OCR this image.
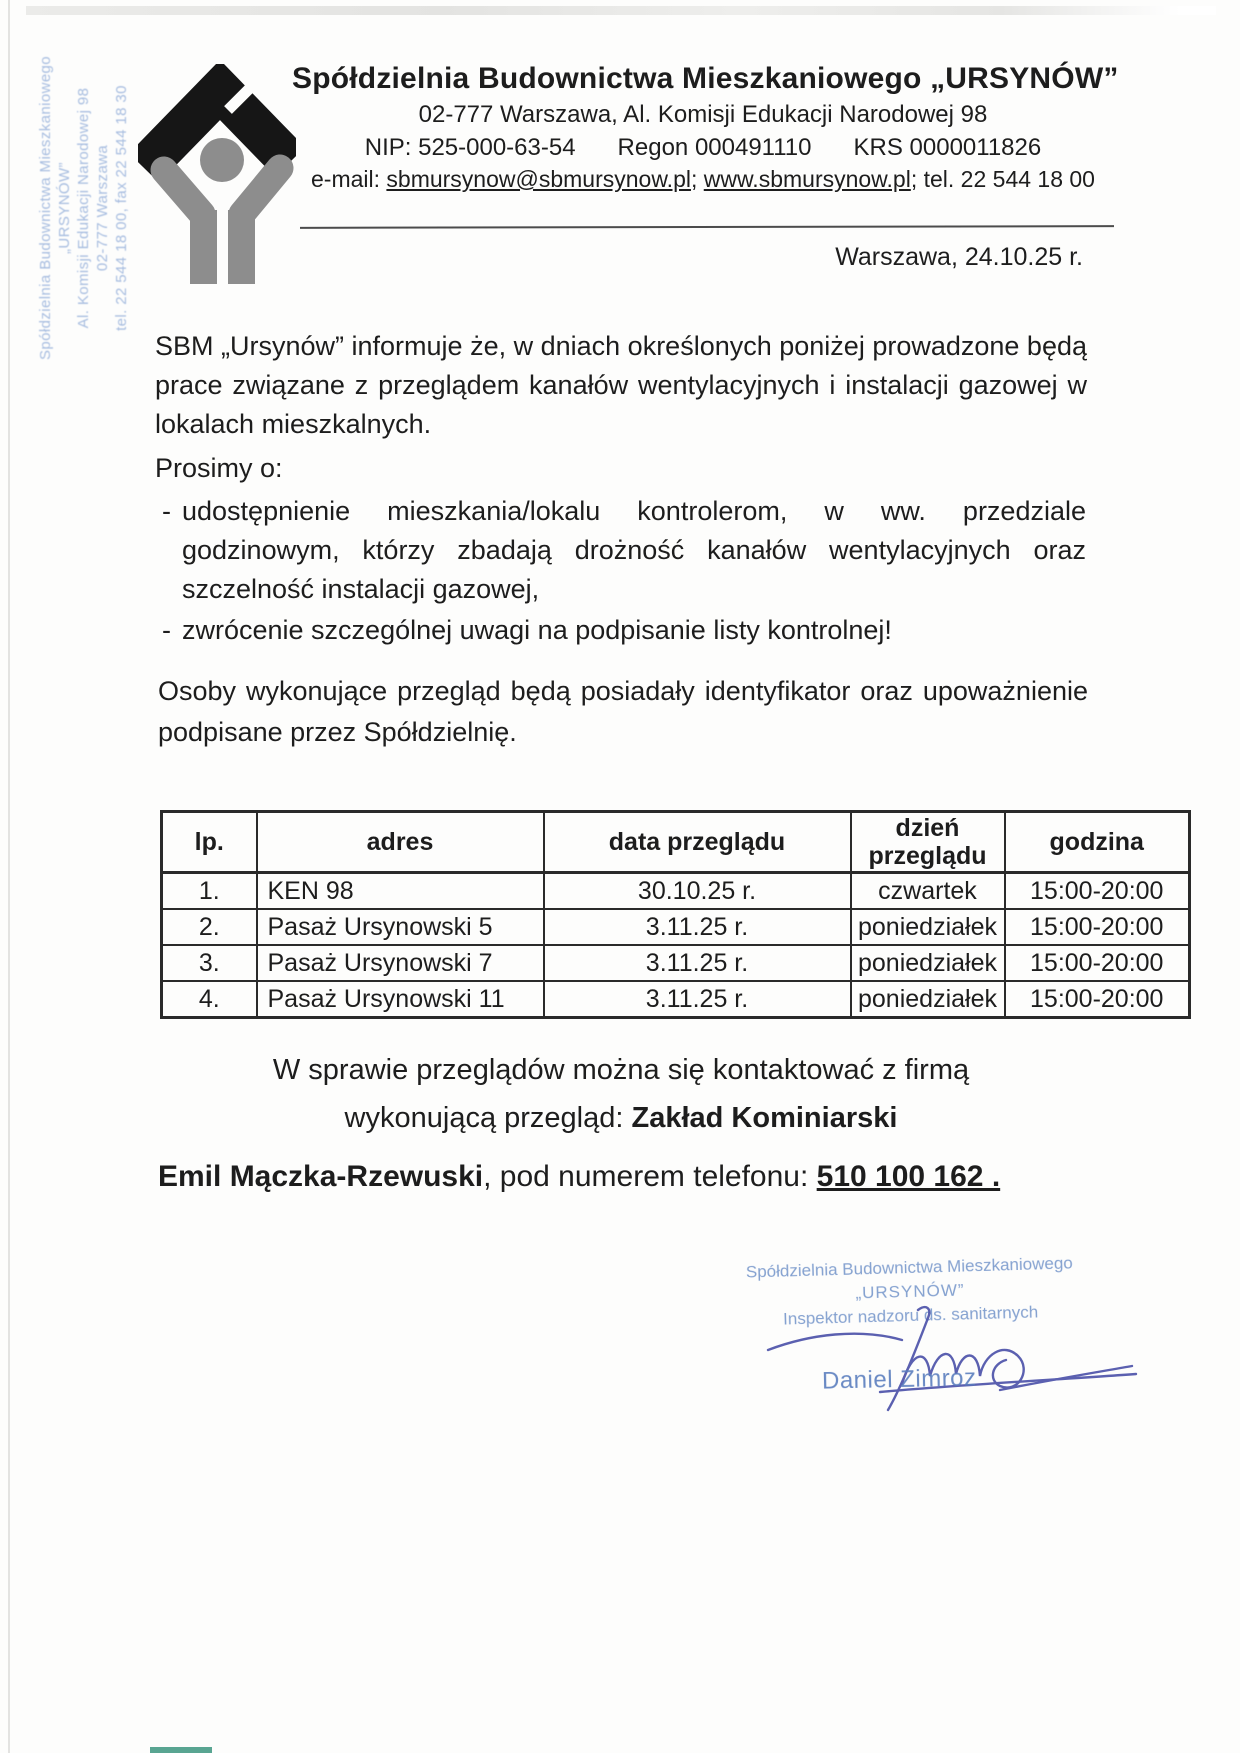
Spółdzielnia Budownictwa Mieszkaniowego „URSYNÓW” Al. Komisji Edukacji Narodowej 98 02-777 Warszawa tel. 22 544 18 00, fax 22 544 18 30
Spółdzielnia Budownictwa Mieszkaniowego „URSYNÓW”
02-777 Warszawa, Al. Komisji Edukacji Narodowej 98
NIP: 525-000-63-54 Regon 000491110 KRS 0000011826
e-mail: sbmursynow@sbmursynow.pl; www.sbmursynow.pl; tel. 22 544 18 00
Warszawa, 24.10.25 r.

SBM „Ursynów” informuje że, w dniach określonych poniżej prowadzone będą prace związane z przeglądem kanałów wentylacyjnych i instalacji gazowej w lokalach mieszkalnych.

Prosimy o:
- udostępnienie mieszkania/lokalu kontrolerom, w ww. przedziale godzinowym, którzy zbadają drożność kanałów wentylacyjnych oraz szczelność instalacji gazowej,
- zwrócenie szczególnej uwagi na podpisanie listy kontrolnej!

Osoby wykonujące przegląd będą posiadały identyfikator oraz upoważnienie podpisane przez Spółdzielnię.

lp.	adres	data przeglądu	dzień przeglądu	godzina
1.	KEN 98	30.10.25 r.	czwartek	15:00-20:00
2.	Pasaż Ursynowski 5	3.11.25 r.	poniedziałek	15:00-20:00
3.	Pasaż Ursynowski 7	3.11.25 r.	poniedziałek	15:00-20:00
4.	Pasaż Ursynowski 11	3.11.25 r.	poniedziałek	15:00-20:00
W sprawie przeglądów można się kontaktować z firmą
wykonującą przegląd: Zakład Kominiarski
Emil Mączka-Rzewuski, pod numerem telefonu: 510 100 162 .
Spółdzielnia Budownictwa Mieszkaniowego
„URSYNÓW”
Inspektor nadzoru ds. sanitarnych
Daniel Zimroz
